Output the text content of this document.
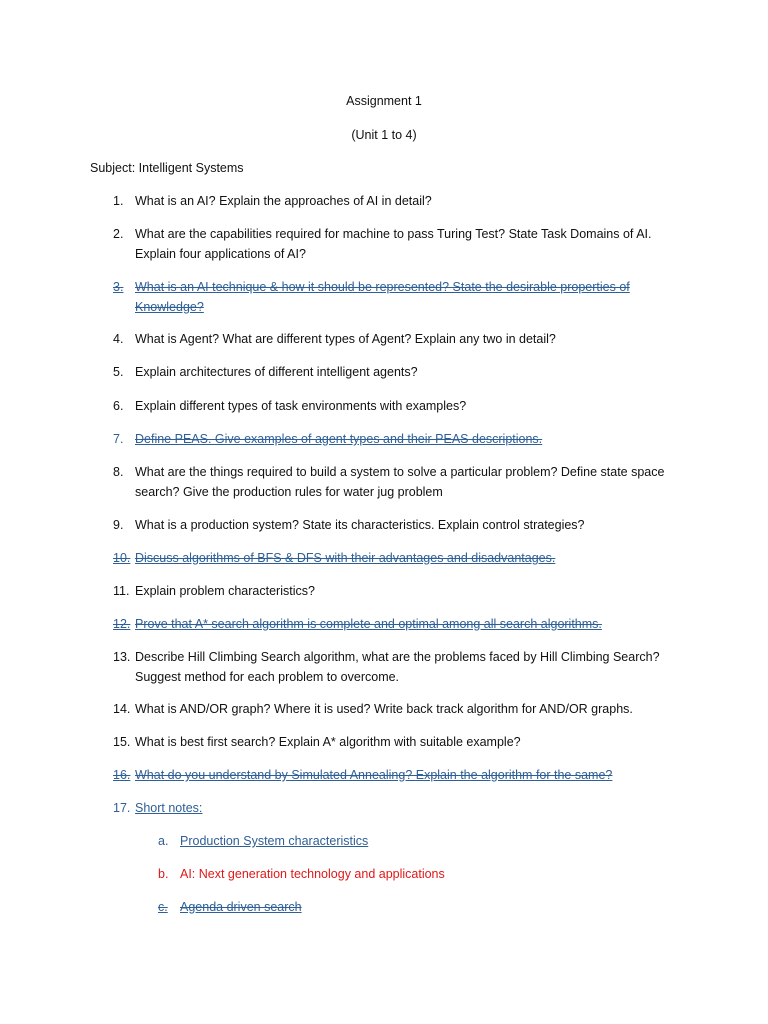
Assignment 1
(Unit 1 to 4)
Subject: Intelligent Systems
1. What is an AI? Explain the approaches of AI in detail?
2. What are the capabilities required for machine to pass Turing Test? State Task Domains of AI. Explain four applications of AI?
3. What is an AI technique & how it should be represented? State the desirable properties of Knowledge?
4. What is Agent? What are different types of Agent? Explain any two in detail?
5. Explain architectures of different intelligent agents?
6. Explain different types of task environments with examples?
7. Define PEAS. Give examples of agent types and their PEAS descriptions.
8. What are the things required to build a system to solve a particular problem? Define state space search? Give the production rules for water jug problem
9. What is a production system? State its characteristics. Explain control strategies?
10. Discuss algorithms of BFS & DFS with their advantages and disadvantages.
11. Explain problem characteristics?
12. Prove that A* search algorithm is complete and optimal among all search algorithms.
13. Describe Hill Climbing Search algorithm, what are the problems faced by Hill Climbing Search? Suggest method for each problem to overcome.
14. What is AND/OR graph? Where it is used? Write back track algorithm for AND/OR graphs.
15. What is best first search? Explain A* algorithm with suitable example?
16. What do you understand by Simulated Annealing? Explain the algorithm for the same?
17. Short notes:
a. Production System characteristics
b. AI: Next generation technology and applications
c. Agenda driven search
